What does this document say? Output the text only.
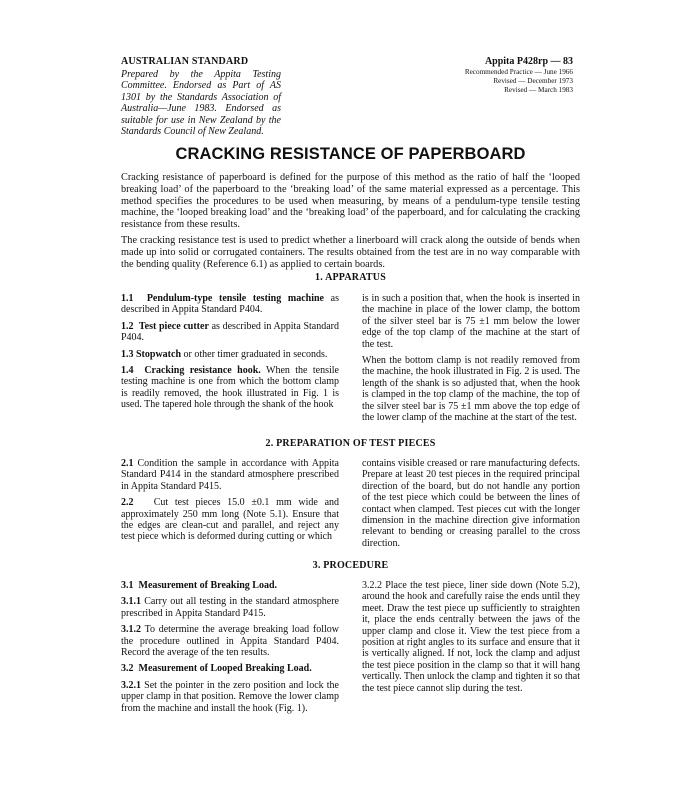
AUSTRALIAN STANDARD
Prepared by the Appita Testing Committee. Endorsed as Part of AS 1301 by the Standards Association of Australia—June 1983. Endorsed as suitable for use in New Zealand by the Standards Council of New Zealand.
Appita P428rp — 83
Recommended Practice — June 1966
Revised — December 1973
Revised — March 1983
CRACKING RESISTANCE OF PAPERBOARD

Cracking resistance of paperboard is defined for the purpose of this method as the ratio of half the ‘looped breaking load’ of the paperboard to the ‘breaking load’ of the same material expressed as a percentage. This method specifies the procedures to be used when measuring, by means of a pendulum-type tensile testing machine, the ‘looped breaking load’ and the ‘breaking load’ of the paperboard, and for calculating the cracking resistance from these results.

The cracking resistance test is used to predict whether a linerboard will crack along the outside of bends when made up into solid or corrugated containers. The results obtained from the test are in no way comparable with the bending quality (Reference 6.1) as applied to certain boards.

1. APPARATUS

1.1 Pendulum-type tensile testing machine as described in Appita Standard P404.

1.2 Test piece cutter as described in Appita Standard P404.

1.3 Stopwatch or other timer graduated in seconds.

1.4 Cracking resistance hook. When the tensile testing machine is one from which the bottom clamp is readily removed, the hook illustrated in Fig. 1 is used. The tapered hole through the shank of the hook

is in such a position that, when the hook is inserted in the machine in place of the lower clamp, the bottom of the silver steel bar is 75 ±1 mm below the lower edge of the top clamp of the machine at the start of the test.

When the bottom clamp is not readily removed from the machine, the hook illustrated in Fig. 2 is used. The length of the shank is so adjusted that, when the hook is clamped in the top clamp of the machine, the top of the silver steel bar is 75 ±1 mm above the top edge of the lower clamp of the machine at the start of the test.

2. PREPARATION OF TEST PIECES

2.1 Condition the sample in accordance with Appita Standard P414 in the standard atmosphere prescribed in Appita Standard P415.

2.2 Cut test pieces 15.0 ±0.1 mm wide and approximately 250 mm long (Note 5.1). Ensure that the edges are clean-cut and parallel, and reject any test piece which is deformed during cutting or which

contains visible creased or rare manufacturing defects. Prepare at least 20 test pieces in the required principal direction of the board, but do not handle any portion of the test piece which could be between the lines of contact when clamped. Test pieces cut with the longer dimension in the machine direction give information relevant to bending or creasing parallel to the cross direction.

3. PROCEDURE

3.1 Measurement of Breaking Load.

3.1.1 Carry out all testing in the standard atmosphere prescribed in Appita Standard P415.

3.1.2 To determine the average breaking load follow the procedure outlined in Appita Standard P404. Record the average of the ten results.

3.2 Measurement of Looped Breaking Load.

3.2.1 Set the pointer in the zero position and lock the upper clamp in that position. Remove the lower clamp from the machine and install the hook (Fig. 1).

3.2.2 Place the test piece, liner side down (Note 5.2), around the hook and carefully raise the ends until they meet. Draw the test piece up sufficiently to straighten it, place the ends centrally between the jaws of the upper clamp and close it. View the test piece from a position at right angles to its surface and ensure that it is vertically aligned. If not, lock the clamp and adjust the test piece position in the clamp so that it will hang vertically. Then unlock the clamp and tighten it so that the test piece cannot slip during the test.
